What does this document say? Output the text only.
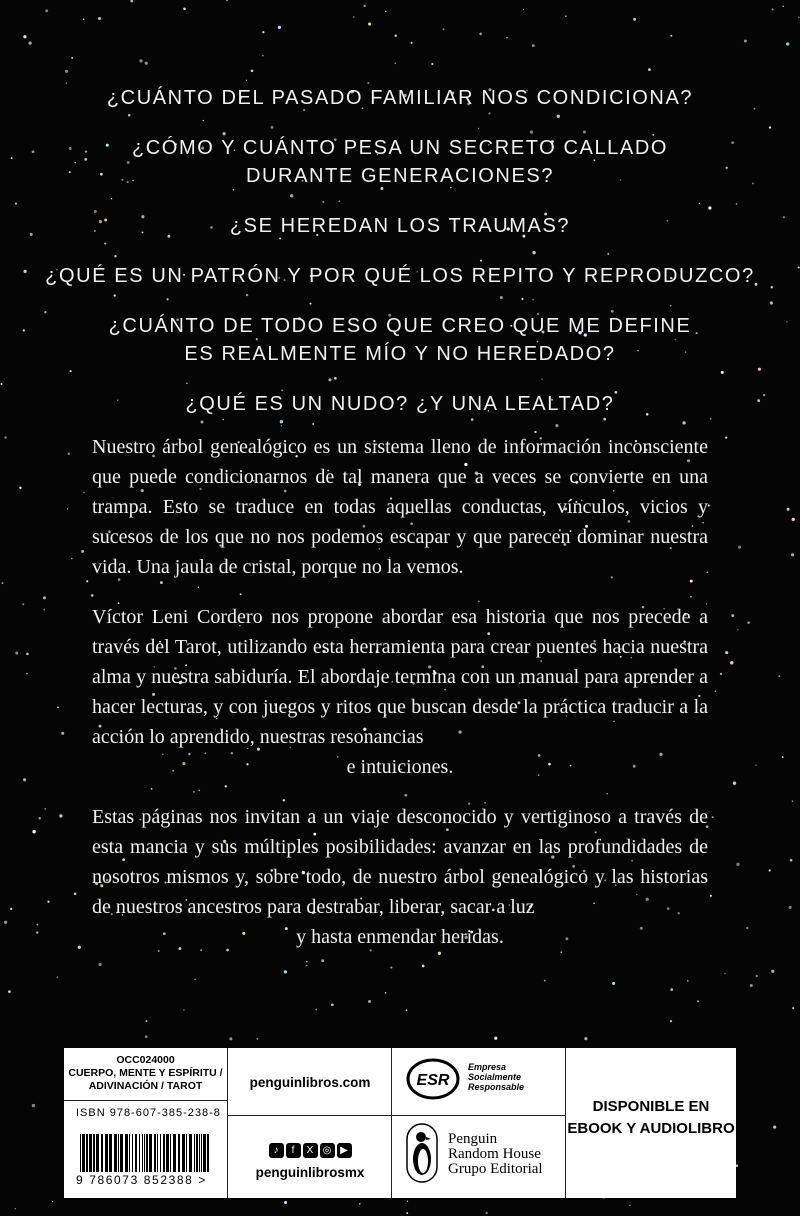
¿CUÁNTO DEL PASADO FAMILIAR NOS CONDICIONA?
¿CÓMO Y CUÁNTO PESA UN SECRETO CALLADO
DURANTE GENERACIONES?
¿SE HEREDAN LOS TRAUMAS?
¿QUÉ ES UN PATRÓN Y POR QUÉ LOS REPITO Y REPRODUZCO?
¿CUÁNTO DE TODO ESO QUE CREO QUE ME DEFINE
ES REALMENTE MÍO Y NO HEREDADO?
¿QUÉ ES UN NUDO? ¿Y UNA LEALTAD?

Nuestro árbol genealógico es un sistema lleno de información inconsciente que puede condicionarnos de tal manera que a veces se convierte en una trampa. Esto se traduce en todas aquellas conductas, vínculos, vicios y sucesos de los que no nos podemos escapar y que parecen dominar nuestra vida. Una jaula de cristal, porque no la vemos.

Víctor Leni Cordero nos propone abordar esa historia que nos precede a través del Tarot, utilizando esta herramienta para crear puentes hacia nuestra alma y nuestra sabiduría. El abordaje termina con un manual para aprender a hacer lecturas, y con juegos y ritos que buscan desde la práctica traducir a la acción lo aprendido, nuestras resonancias
e intuiciones.

Estas páginas nos invitan a un viaje desconocido y vertiginoso a través de esta mancia y sus múltiples posibilidades: avanzar en las profundidades de nosotros mismos y, sobre todo, de nuestro árbol genealógico y las historias de nuestros ancestros para destrabar, liberar, sacar a luz
y hasta enmendar heridas.

OCC024000
CUERPO, MENTE Y ESPÍRITU /
ADIVINACIÓN / TAROT
ISBN 978-607-385-238-8
9 786073 852388 >
penguinlibros.com
♪ f X ◎ ▶
penguinlibrosmx
ESR
Empresa
Socialmente
Responsable
Penguin
Random House
Grupo Editorial
DISPONIBLE EN
EBOOK Y AUDIOLIBRO
